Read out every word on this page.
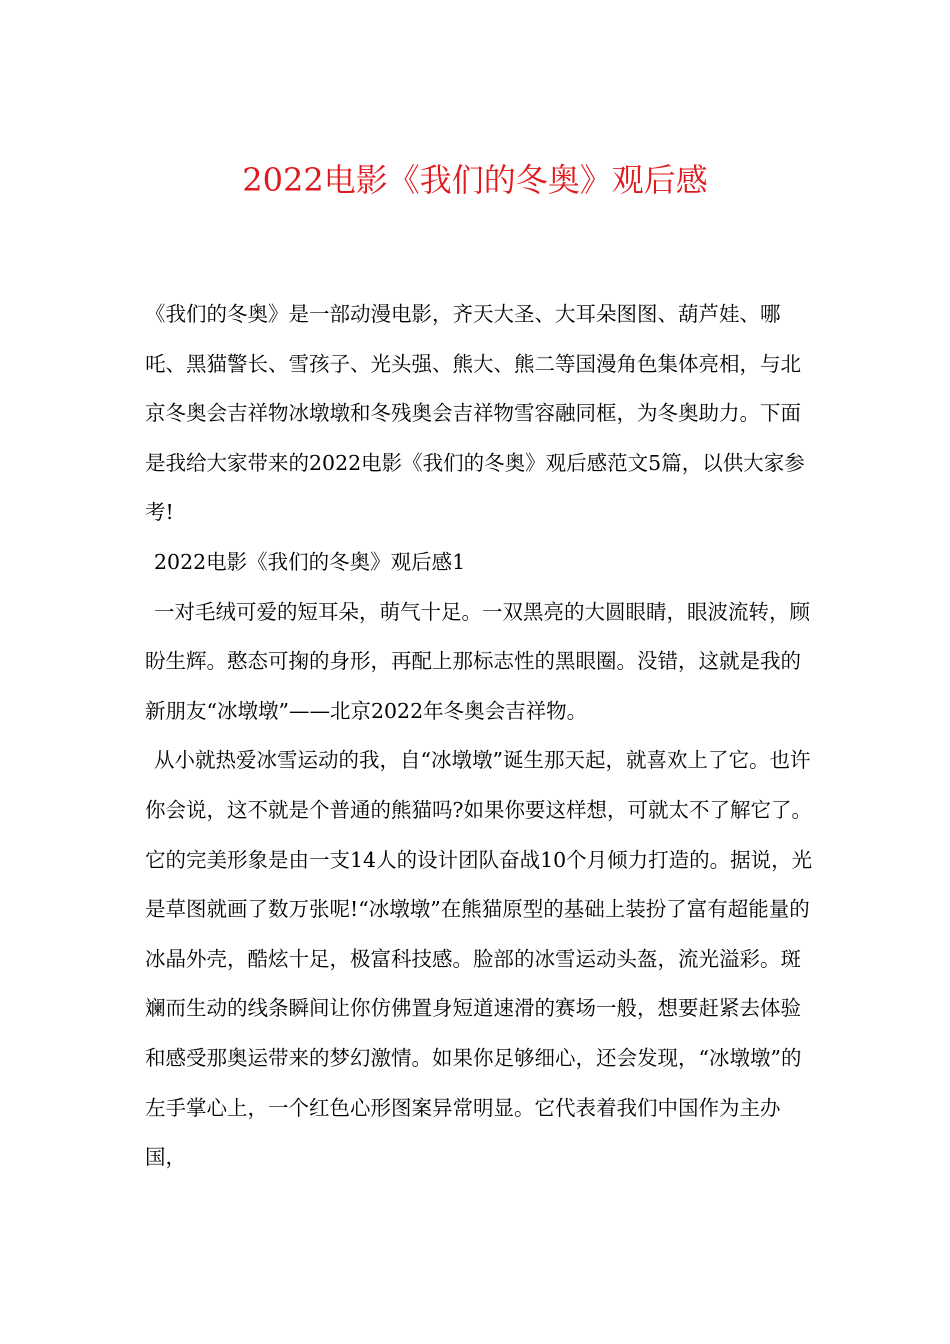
2022电影《我们的冬奥》观后感

《我们的冬奥》是一部动漫电影，齐天大圣、大耳朵图图、葫芦娃、哪吒、黑猫警长、雪孩子、光头强、熊大、熊二等国漫角色集体亮相，与北京冬奥会吉祥物冰墩墩和冬残奥会吉祥物雪容融同框，为冬奥助力。下面是我给大家带来的2022电影《我们的冬奥》观后感范文5篇，以供大家参考!

2022电影《我们的冬奥》观后感1

一对毛绒可爱的短耳朵，萌气十足。一双黑亮的大圆眼睛，眼波流转，顾盼生辉。憨态可掬的身形，再配上那标志性的黑眼圈。没错，这就是我的新朋友“冰墩墩”——北京2022年冬奥会吉祥物。

从小就热爱冰雪运动的我，自“冰墩墩”诞生那天起，就喜欢上了它。也许你会说，这不就是个普通的熊猫吗?如果你要这样想，可就太不了解它了。它的完美形象是由一支14人的设计团队奋战10个月倾力打造的。据说，光是草图就画了数万张呢!“冰墩墩”在熊猫原型的基础上装扮了富有超能量的冰晶外壳，酷炫十足，极富科技感。脸部的冰雪运动头盔，流光溢彩。斑斓而生动的线条瞬间让你仿佛置身短道速滑的赛场一般，想要赶紧去体验和感受那奥运带来的梦幻激情。如果你足够细心，还会发现，“冰墩墩”的左手掌心上，一个红色心形图案异常明显。它代表着我们中国作为主办国，
